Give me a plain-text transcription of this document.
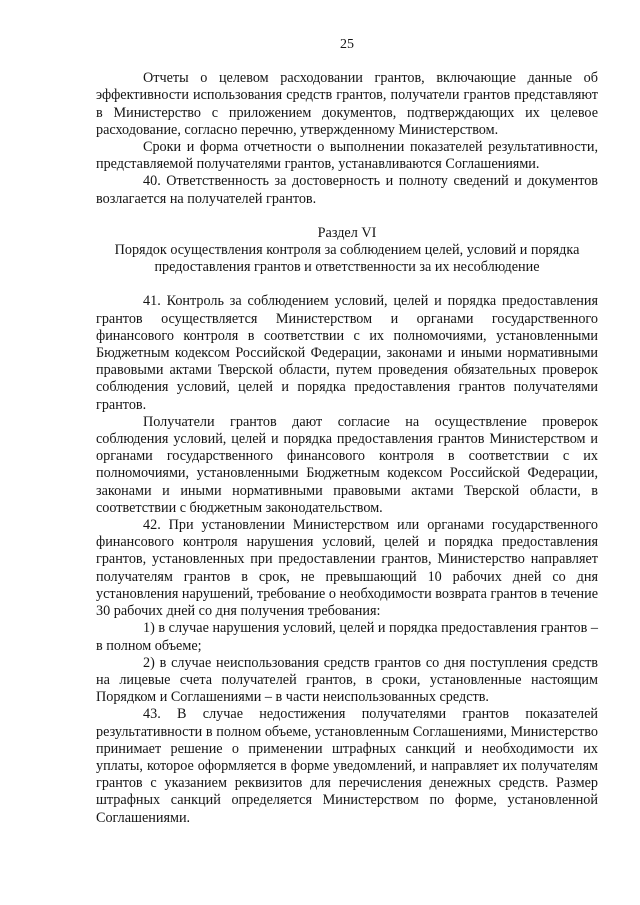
25

Отчеты о целевом расходовании грантов, включающие данные об эффективности использования средств грантов, получатели грантов представляют в Министерство с приложением документов, подтверждающих их целевое расходование, согласно перечню, утвержденному Министерством.

Сроки и форма отчетности о выполнении показателей результативности, представляемой получателями грантов, устанавливаются Соглашениями.

40. Ответственность за достоверность и полноту сведений и документов возлагается на получателей грантов.

Раздел VI

Порядок осуществления контроля за соблюдением целей, условий и порядка предоставления грантов и ответственности за их несоблюдение

41. Контроль за соблюдением условий, целей и порядка предоставления грантов осуществляется Министерством и органами государственного финансового контроля в соответствии с их полномочиями, установленными Бюджетным кодексом Российской Федерации, законами и иными нормативными правовыми актами Тверской области, путем проведения обязательных проверок соблюдения условий, целей и порядка предоставления грантов получателями грантов.

Получатели грантов дают согласие на осуществление проверок соблюдения условий, целей и порядка предоставления грантов Министерством и органами государственного финансового контроля в соответствии с их полномочиями, установленными Бюджетным кодексом Российской Федерации, законами и иными нормативными правовыми актами Тверской области, в соответствии с бюджетным законодательством.

42. При установлении Министерством или органами государственного финансового контроля нарушения условий, целей и порядка предоставления грантов, установленных при предоставлении грантов, Министерство направляет получателям грантов в срок, не превышающий 10 рабочих дней со дня установления нарушений, требование о необходимости возврата грантов в течение 30 рабочих дней со дня получения требования:

1) в случае нарушения условий, целей и порядка предоставления грантов – в полном объеме;

2) в случае неиспользования средств грантов со дня поступления средств на лицевые счета получателей грантов, в сроки, установленные настоящим Порядком и Соглашениями – в части неиспользованных средств.

43. В случае недостижения получателями грантов показателей результативности в полном объеме, установленным Соглашениями, Министерство принимает решение о применении штрафных санкций и необходимости их уплаты, которое оформляется в форме уведомлений, и направляет их получателям грантов с указанием реквизитов для перечисления денежных средств. Размер штрафных санкций определяется Министерством по форме, установленной Соглашениями.
